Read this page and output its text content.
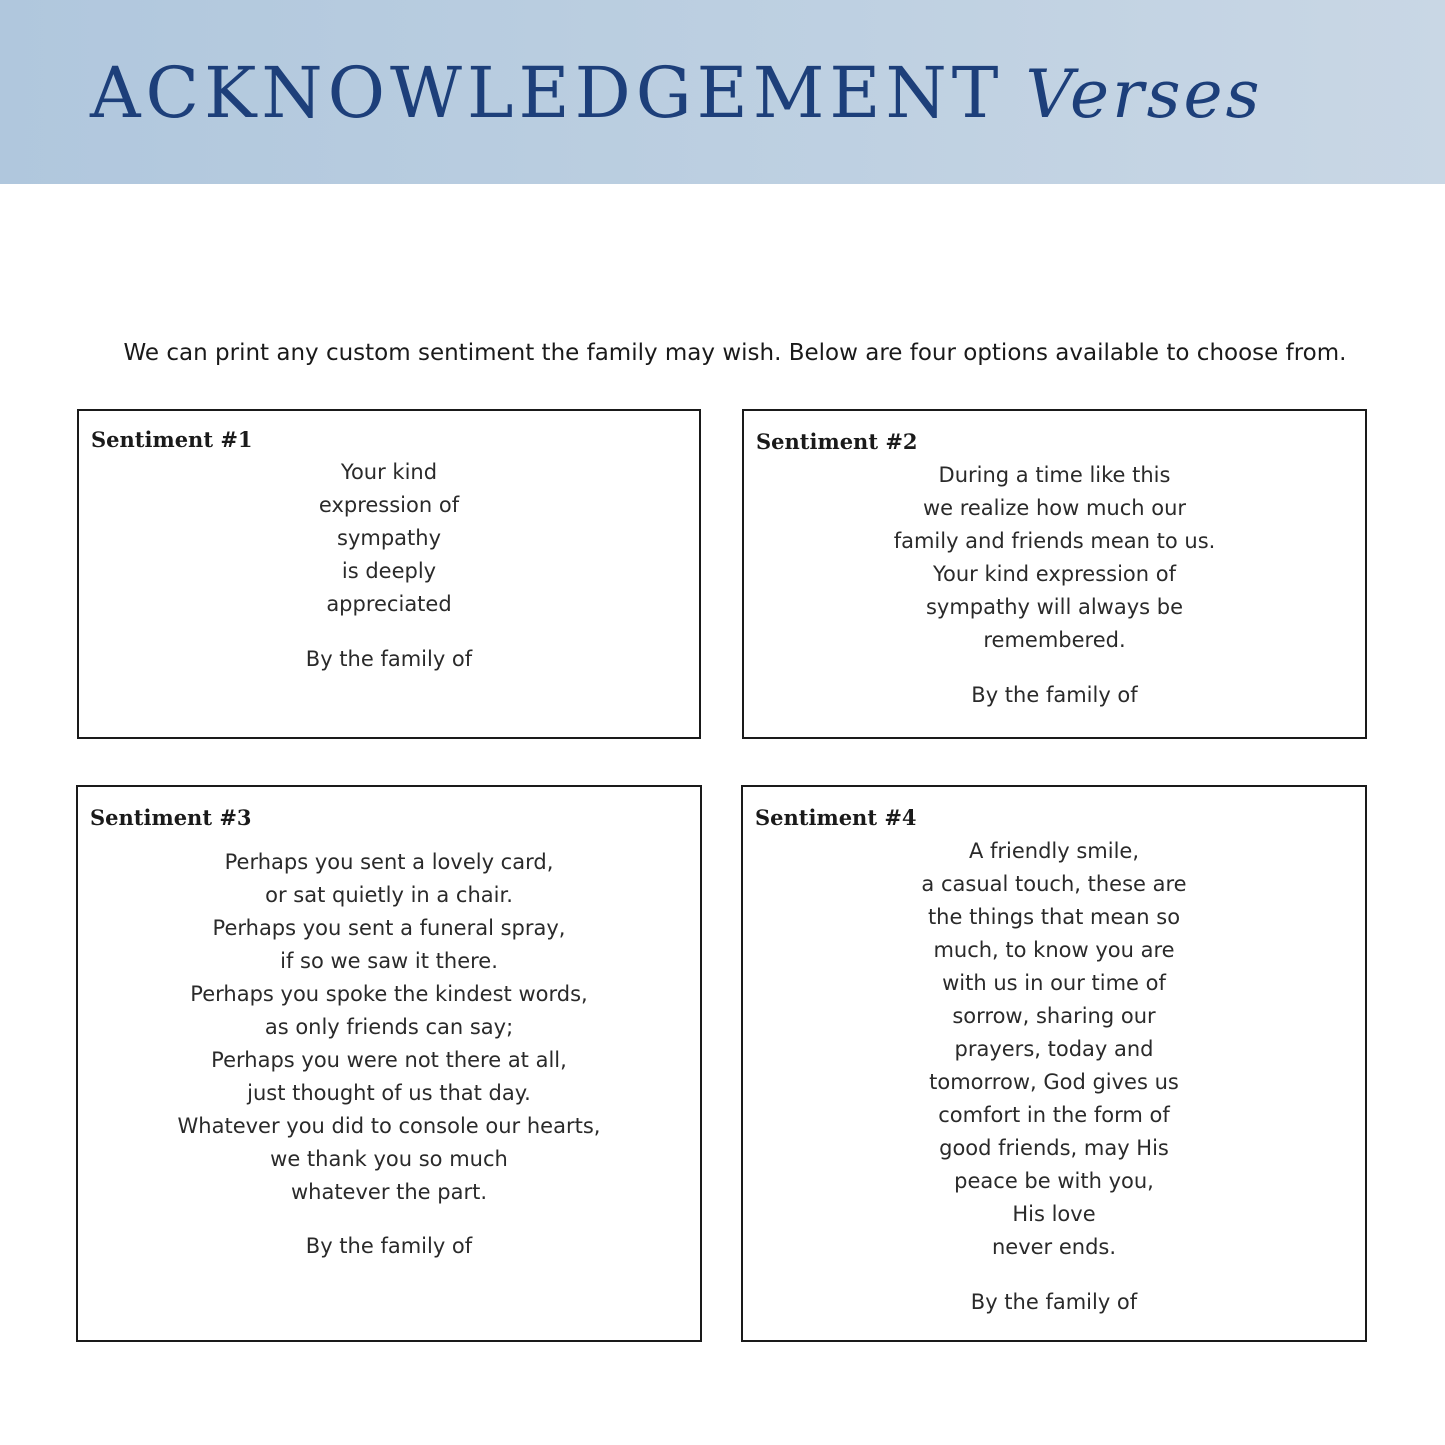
ACKNOWLEDGEMENT Verses

We can print any custom sentiment the family may wish. Below are four options available to choose from.

Sentiment #1
Your kind
expression of
sympathy
is deeply
appreciated
By the family of
Sentiment #2
During a time like this
we realize how much our
family and friends mean to us.
Your kind expression of
sympathy will always be
remembered.
By the family of
Sentiment #3
Perhaps you sent a lovely card,
or sat quietly in a chair.
Perhaps you sent a funeral spray,
if so we saw it there.
Perhaps you spoke the kindest words,
as only friends can say;
Perhaps you were not there at all,
just thought of us that day.
Whatever you did to console our hearts,
we thank you so much
whatever the part.
By the family of
Sentiment #4
A friendly smile,
a casual touch, these are
the things that mean so
much, to know you are
with us in our time of
sorrow, sharing our
prayers, today and
tomorrow, God gives us
comfort in the form of
good friends, may His
peace be with you,
His love
never ends.
By the family of
